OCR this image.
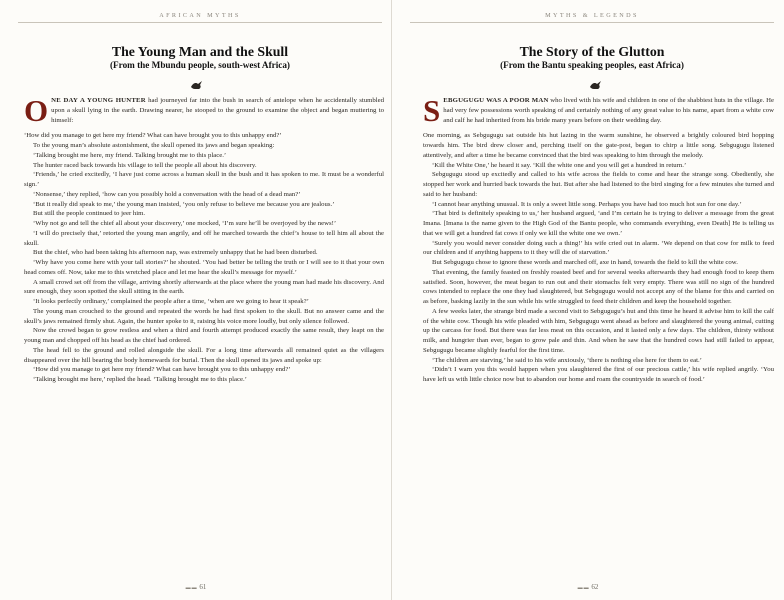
AFRICAN MYTHS
The Young Man and the Skull
(From the Mbundu people, south-west Africa)
ONE DAY A YOUNG HUNTER had journeyed far into the bush in search of antelope when he accidentally stumbled upon a skull lying in the earth. Drawing nearer, he stooped to the ground to examine the object and began muttering to himself:

‘How did you manage to get here my friend? What can have brought you to this unhappy end?’

To the young man’s absolute astonishment, the skull opened its jaws and began speaking:

‘Talking brought me here, my friend. Talking brought me to this place.’

The hunter raced back towards his village to tell the people all about his discovery.

‘Friends,’ he cried excitedly, ‘I have just come across a human skull in the bush and it has spoken to me. It must be a wonderful sign.’

‘Nonsense,’ they replied, ‘how can you possibly hold a conversation with the head of a dead man?’

‘But it really did speak to me,’ the young man insisted, ‘you only refuse to believe me because you are jealous.’

But still the people continued to jeer him.

‘Why not go and tell the chief all about your discovery,’ one mocked, ‘I’m sure he’ll be overjoyed by the news!’

‘I will do precisely that,’ retorted the young man angrily, and off he marched towards the chief’s house to tell him all about the skull.

But the chief, who had been taking his afternoon nap, was extremely unhappy that he had been disturbed.

‘Why have you come here with your tall stories?’ he shouted. ‘You had better be telling the truth or I will see to it that your own head comes off. Now, take me to this wretched place and let me hear the skull’s message for myself.’

A small crowd set off from the village, arriving shortly afterwards at the place where the young man had made his discovery. And sure enough, they soon spotted the skull sitting in the earth.

‘It looks perfectly ordinary,’ complained the people after a time, ‘when are we going to hear it speak?’

The young man crouched to the ground and repeated the words he had first spoken to the skull. But no answer came and the skull’s jaws remained firmly shut. Again, the hunter spoke to it, raising his voice more loudly, but only silence followed.

Now the crowd began to grow restless and when a third and fourth attempt produced exactly the same result, they leapt on the young man and chopped off his head as the chief had ordered.

The head fell to the ground and rolled alongside the skull. For a long time afterwards all remained quiet as the villagers disappeared over the hill bearing the body homewards for burial. Then the skull opened its jaws and spoke up:

‘How did you manage to get here my friend? What can have brought you to this unhappy end?’

‘Talking brought me here,’ replied the head. ‘Talking brought me to this place.’

▬▬ 61
MYTHS & LEGENDS
The Story of the Glutton
(From the Bantu speaking peoples, east Africa)
SEBGUGUGU WAS A POOR MAN who lived with his wife and children in one of the shabbiest huts in the village. He had very few possessions worth speaking of and certainly nothing of any great value to his name, apart from a white cow and calf he had inherited from his bride many years before on their wedding day.

One morning, as Sebgugugu sat outside his hut lazing in the warm sunshine, he observed a brightly coloured bird hopping towards him. The bird drew closer and, perching itself on the gate-post, began to chirp a little song. Sebgugugu listened attentively, and after a time he became convinced that the bird was speaking to him through the melody.

‘Kill the White One,’ he heard it say. ‘Kill the white one and you will get a hundred in return.’

Sebgugugu stood up excitedly and called to his wife across the fields to come and hear the strange song. Obediently, she stopped her work and hurried back towards the hut. But after she had listened to the bird singing for a few minutes she turned and said to her husband:

‘I cannot hear anything unusual. It is only a sweet little song. Perhaps you have had too much hot sun for one day.’

‘That bird is definitely speaking to us,’ her husband argued, ‘and I’m certain he is trying to deliver a message from the great Imana. [Imana is the name given to the High God of the Bantu people, who commands everything, even Death] He is telling us that we will get a hundred fat cows if only we kill the white one we own.’

‘Surely you would never consider doing such a thing!’ his wife cried out in alarm. ‘We depend on that cow for milk to feed our children and if anything happens to it they will die of starvation.’

But Sebgugugu chose to ignore these words and marched off, axe in hand, towards the field to kill the white cow.

That evening, the family feasted on freshly roasted beef and for several weeks afterwards they had enough food to keep them satisfied. Soon, however, the meat began to run out and their stomachs felt very empty. There was still no sign of the hundred cows intended to replace the one they had slaughtered, but Sebgugugu would not accept any of the blame for this and carried on as before, basking lazily in the sun while his wife struggled to feed their children and keep the household together.

A few weeks later, the strange bird made a second visit to Sebgugugu’s hut and this time he heard it advise him to kill the calf of the white cow. Though his wife pleaded with him, Sebgugugu went ahead as before and slaughtered the young animal, cutting up the carcass for food. But there was far less meat on this occasion, and it lasted only a few days. The children, thirsty without milk, and hungrier than ever, began to grow pale and thin. And when he saw that the hundred cows had still failed to appear, Sebgugugu became slightly fearful for the first time.

‘The children are starving,’ he said to his wife anxiously, ‘there is nothing else here for them to eat.’

‘Didn’t I warn you this would happen when you slaughtered the first of our precious cattle,’ his wife replied angrily. ‘You have left us with little choice now but to abandon our home and roam the countryside in search of food.’

▬▬ 62
